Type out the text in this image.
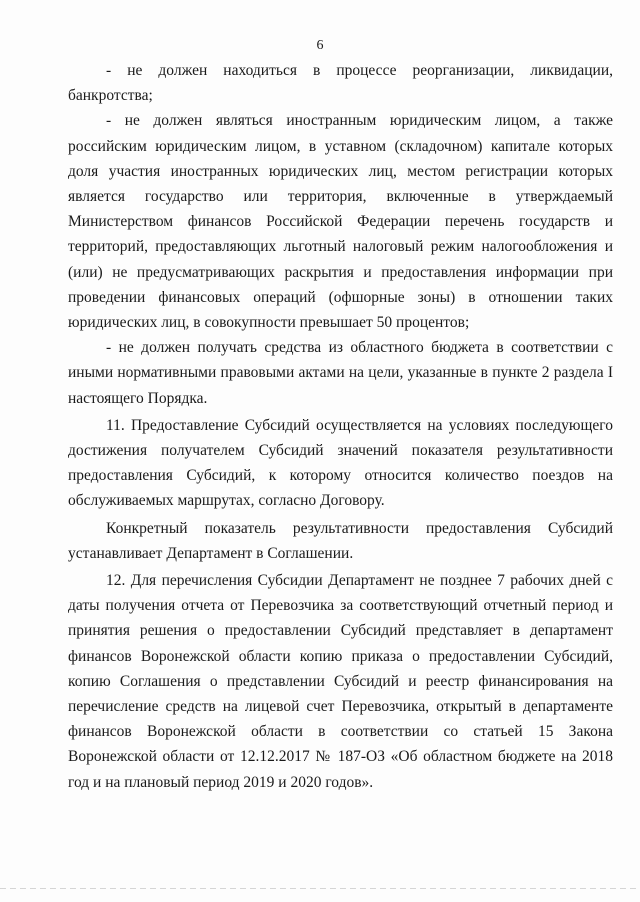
6

- не должен находиться в процессе реорганизации, ликвидации, банкротства;

- не должен являться иностранным юридическим лицом, а также российским юридическим лицом, в уставном (складочном) капитале которых доля участия иностранных юридических лиц, местом регистрации которых является государство или территория, включенные в утверждаемый Министерством финансов Российской Федерации перечень государств и территорий, предоставляющих льготный налоговый режим налогообложения и (или) не предусматривающих раскрытия и предоставления информации при проведении финансовых операций (офшорные зоны) в отношении таких юридических лиц, в совокупности превышает 50 процентов;

- не должен получать средства из областного бюджета в соответствии с иными нормативными правовыми актами на цели, указанные в пункте 2 раздела I настоящего Порядка.

11. Предоставление Субсидий осуществляется на условиях последующего достижения получателем Субсидий значений показателя результативности предоставления Субсидий, к которому относится количество поездов на обслуживаемых маршрутах, согласно Договору.

Конкретный показатель результативности предоставления Субсидий устанавливает Департамент в Соглашении.

12. Для перечисления Субсидии Департамент не позднее 7 рабочих дней с даты получения отчета от Перевозчика за соответствующий отчетный период и принятия решения о предоставлении Субсидий представляет в департамент финансов Воронежской области копию приказа о предоставлении Субсидий, копию Соглашения о представлении Субсидий и реестр финансирования на перечисление средств на лицевой счет Перевозчика, открытый в департаменте финансов Воронежской области в соответствии со статьей 15 Закона Воронежской области от 12.12.2017 № 187-ОЗ «Об областном бюджете на 2018 год и на плановый период 2019 и 2020 годов».
